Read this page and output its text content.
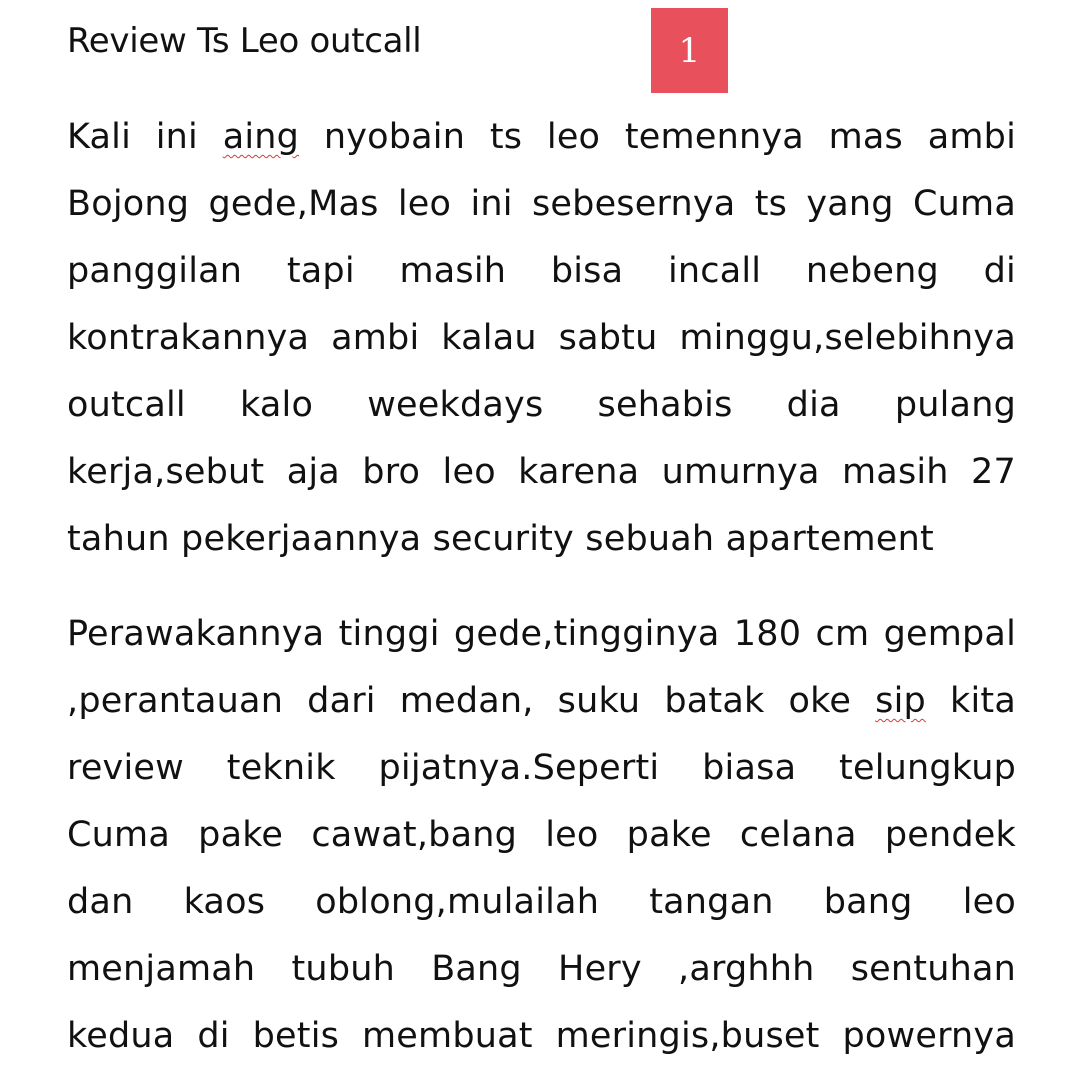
Review Ts Leo outcall	1
Kali ini aing nyobain ts leo temennya mas ambi
Bojong gede,Mas leo ini sebesernya ts yang Cuma
panggilan tapi masih bisa incall nebeng di
kontrakannya ambi kalau sabtu minggu,selebihnya
outcall kalo weekdays sehabis dia pulang
kerja,sebut aja bro leo karena umurnya masih 27
tahun pekerjaannya security sebuah apartement
Perawakannya tinggi gede,tingginya 180 cm gempal
,perantauan dari medan, suku batak oke sip kita
review teknik pijatnya.Seperti biasa telungkup
Cuma pake cawat,bang leo pake celana pendek
dan kaos oblong,mulailah tangan bang leo
menjamah tubuh Bang Hery ,arghhh sentuhan
kedua di betis membuat meringis,buset powernya
